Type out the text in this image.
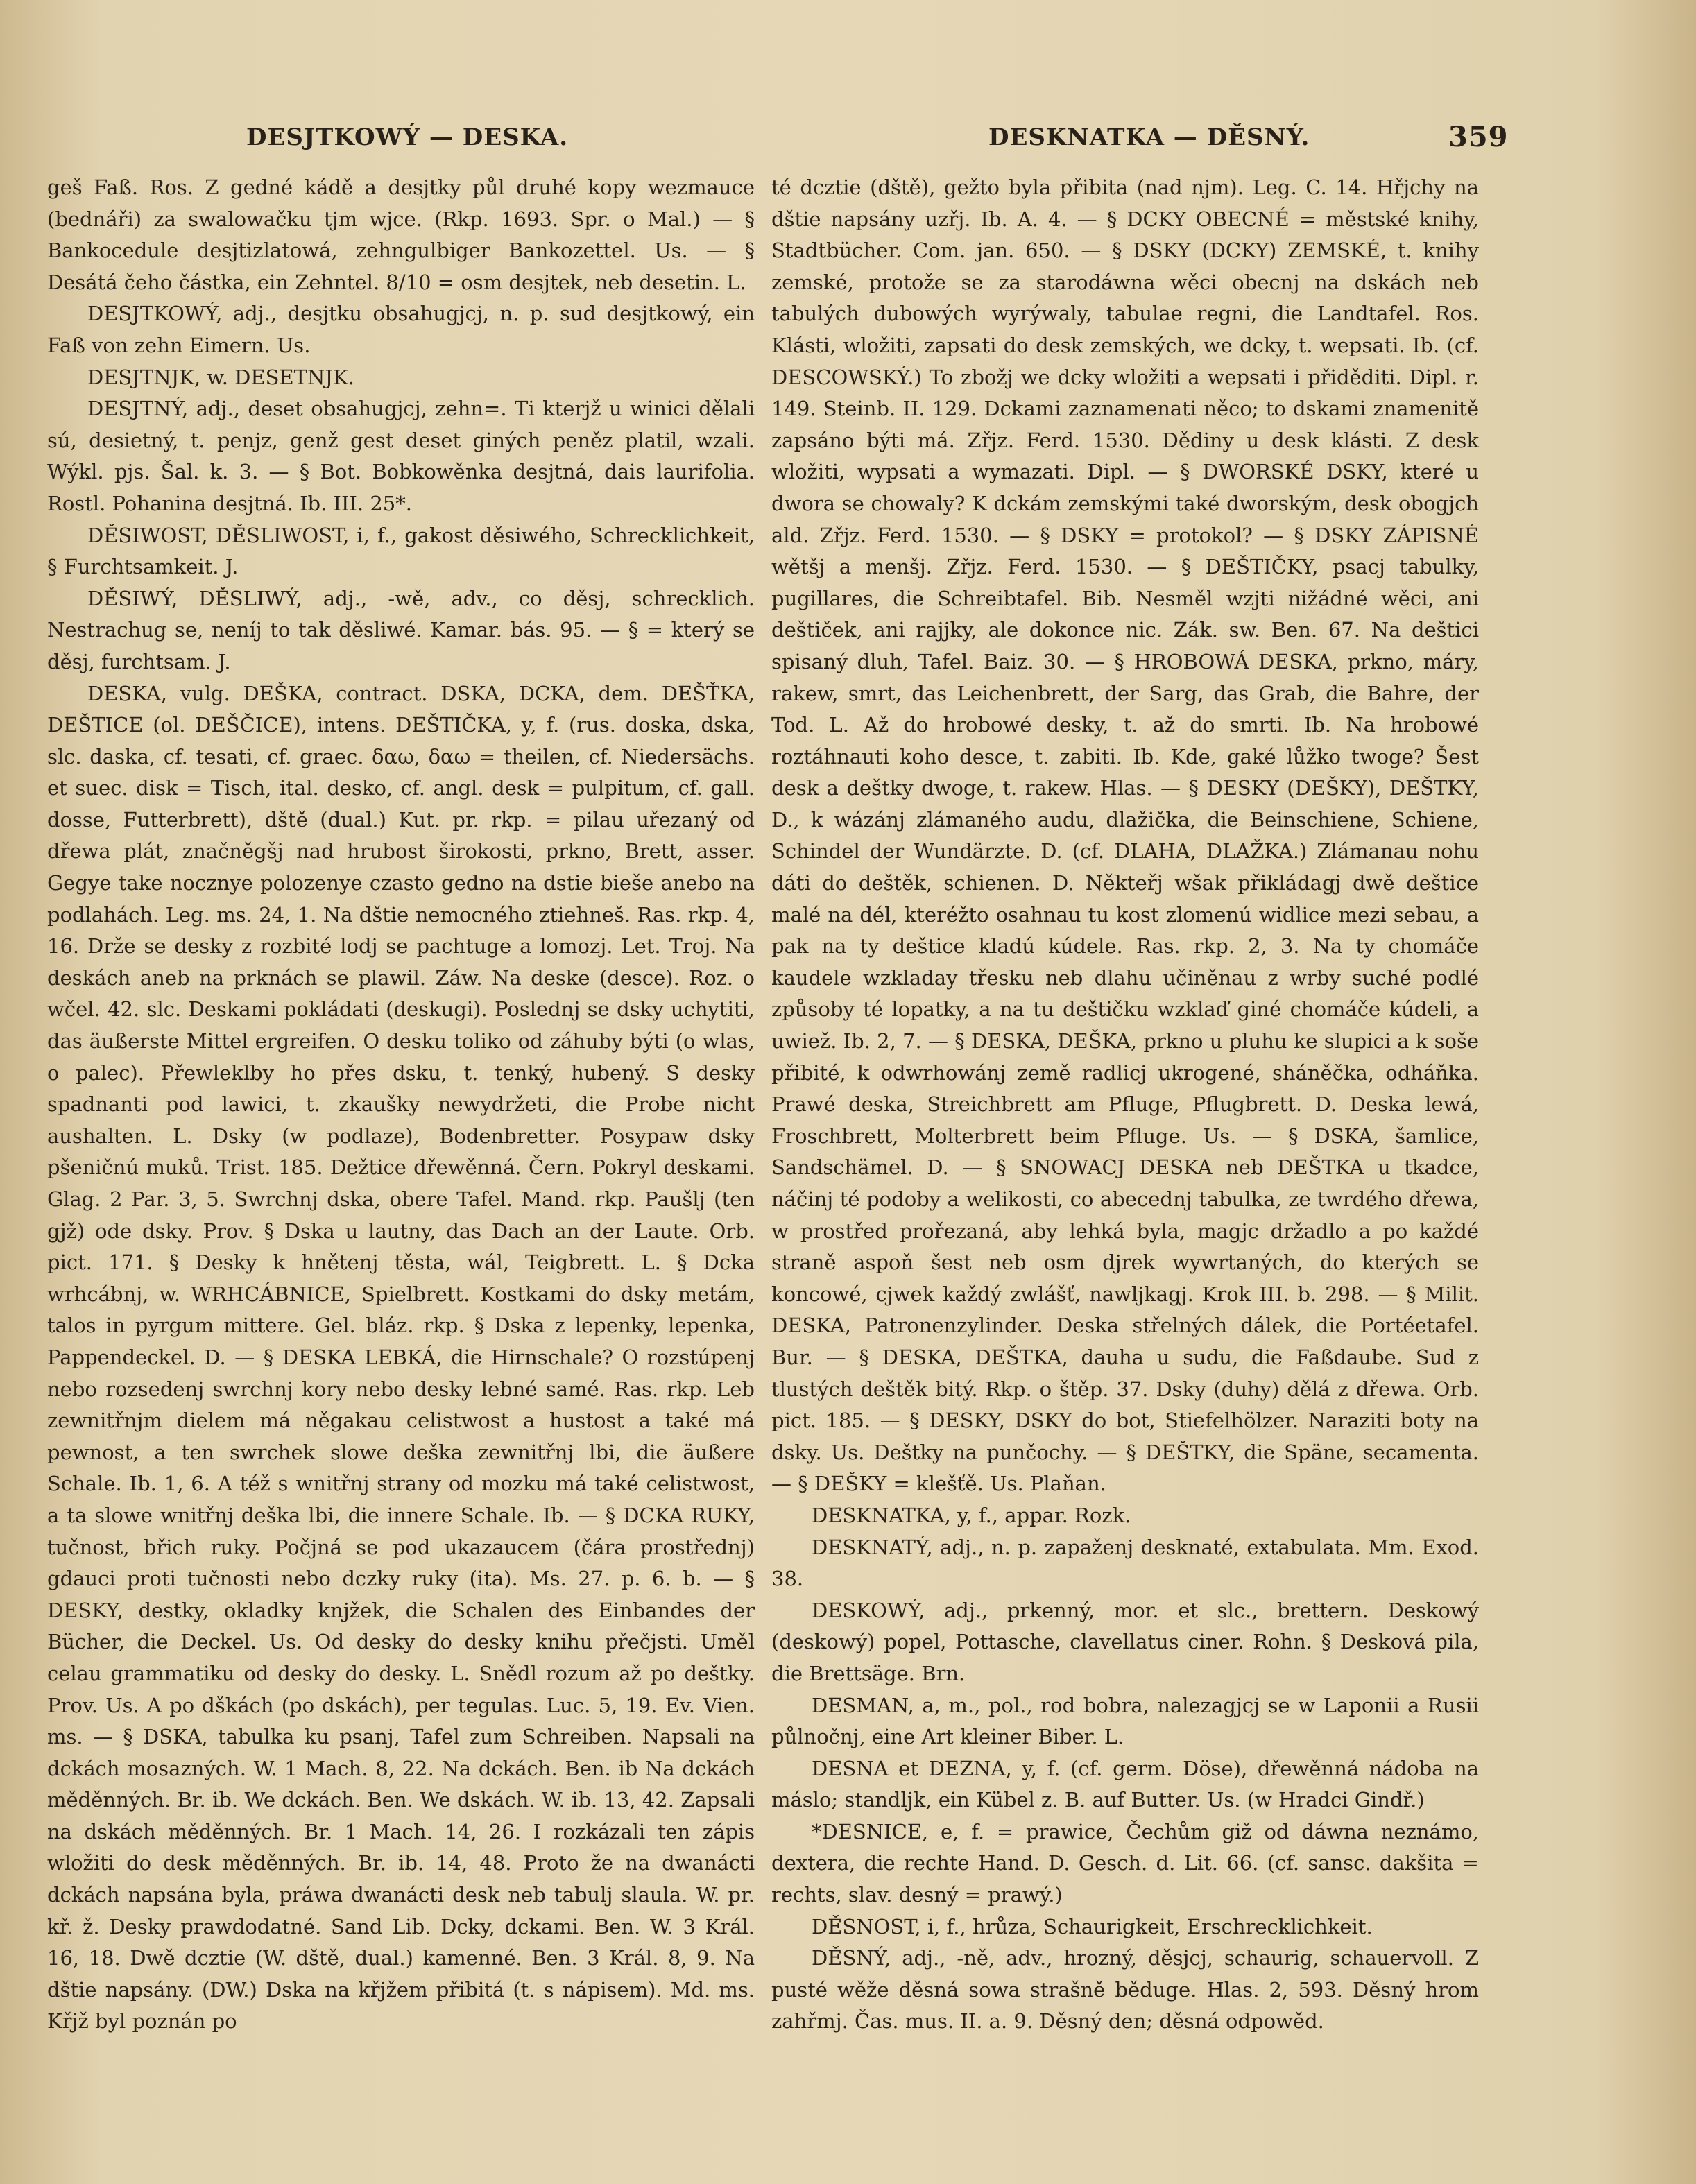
DESJTKOWÝ — DESKA.	DESKNATKA — DĚSNÝ.	359

geš Faß. Ros. Z gedné kádě a desjtky půl druhé kopy wezmauce (bednáři) za swalowačku tjm wjce. (Rkp. 1693. Spr. o Mal.) — § Bankocedule desjtizlatowá, zehngulbiger Bankozettel. Us. — § Desátá čeho částka, ein Zehntel. 8/10 = osm desjtek, neb desetin. L.

DESJTKOWÝ, adj., desjtku obsahugjcj, n. p. sud desjtkowý, ein Faß von zehn Eimern. Us.

DESJTNJK, w. DESETNJK.

DESJTNÝ, adj., deset obsahugjcj, zehn=. Ti kterjž u winici dělali sú, desietný, t. penjz, genž gest deset giných peněz platil, wzali. Wýkl. pjs. Šal. k. 3. — § Bot. Bobkowěnka desjtná, dais laurifolia. Rostl. Pohanina desjtná. Ib. III. 25*.

DĚSIWOST, DĚSLIWOST, i, f., gakost děsiwého, Schrecklichkeit, § Furchtsamkeit. J.

DĚSIWÝ, DĚSLIWÝ, adj., -wě, adv., co děsj, schrecklich. Nestrachug se, neníj to tak děsliwé. Kamar. bás. 95. — § = který se děsj, furchtsam. J.

DESKA, vulg. DEŠKA, contract. DSKA, DCKA, dem. DEŠŤKA, DEŠTICE (ol. DEŠČICE), intens. DEŠTIČKA, y, f. (rus. doska, dska, slc. daska, cf. tesati, cf. graec. δαω, δαω = theilen, cf. Niedersächs. et suec. disk = Tisch, ital. desko, cf. angl. desk = pulpitum, cf. gall. dosse, Futterbrett), dště (dual.) Kut. pr. rkp. = pilau uřezaný od dřewa plát, značněgšj nad hrubost širokosti, prkno, Brett, asser. Gegye take nocznye polozenye czasto gedno na dstie bieše anebo na podlahách. Leg. ms. 24, 1. Na dštie nemocného ztiehneš. Ras. rkp. 4, 16. Drže se desky z rozbité lodj se pachtuge a lomozj. Let. Troj. Na deskách aneb na prknách se plawil. Záw. Na deske (desce). Roz. o wčel. 42. slc. Deskami pokládati (deskugi). Poslednj se dsky uchytiti, das äußerste Mittel ergreifen. O desku toliko od záhuby býti (o wlas, o palec). Přewleklby ho přes dsku, t. tenký, hubený. S desky spadnanti pod lawici, t. zkaušky newydržeti, die Probe nicht aushalten. L. Dsky (w podlaze), Bodenbretter. Posypaw dsky pšeničnú muků. Trist. 185. Dežtice dřewěnná. Čern. Pokryl deskami. Glag. 2 Par. 3, 5. Swrchnj dska, obere Tafel. Mand. rkp. Paušlj (ten gjž) ode dsky. Prov. § Dska u lautny, das Dach an der Laute. Orb. pict. 171. § Desky k hnětenj těsta, wál, Teigbrett. L. § Dcka wrhcábnj, w. WRHCÁBNICE, Spielbrett. Kostkami do dsky metám, talos in pyrgum mittere. Gel. bláz. rkp. § Dska z lepenky, lepenka, Pappendeckel. D. — § DESKA LEBKÁ, die Hirnschale? O rozstúpenj nebo rozsedenj swrchnj kory nebo desky lebné samé. Ras. rkp. Leb zewnitřnjm dielem má něgakau celistwost a hustost a také má pewnost, a ten swrchek slowe deška zewnitřnj lbi, die äußere Schale. Ib. 1, 6. A též s wnitřnj strany od mozku má také celistwost, a ta slowe wnitřnj deška lbi, die innere Schale. Ib. — § DCKA RUKY, tučnost, břich ruky. Počjná se pod ukazaucem (čára prostřednj) gdauci proti tučnosti nebo dczky ruky (ita). Ms. 27. p. 6. b. — § DESKY, destky, okladky knjžek, die Schalen des Einbandes der Bücher, die Deckel. Us. Od desky do desky knihu přečjsti. Uměl celau grammatiku od desky do desky. L. Snědl rozum až po deštky. Prov. Us. A po dškách (po dskách), per tegulas. Luc. 5, 19. Ev. Vien. ms. — § DSKA, tabulka ku psanj, Tafel zum Schreiben. Napsali na dckách mosazných. W. 1 Mach. 8, 22. Na dckách. Ben. ib Na dckách měděnných. Br. ib. We dckách. Ben. We dskách. W. ib. 13, 42. Zapsali na dskách měděnných. Br. 1 Mach. 14, 26. I rozkázali ten zápis wložiti do desk měděnných. Br. ib. 14, 48. Proto že na dwanácti dckách napsána byla, práwa dwanácti desk neb tabulj slaula. W. pr. kř. ž. Desky prawdodatné. Sand Lib. Dcky, dckami. Ben. W. 3 Král. 16, 18. Dwě dcztie (W. dště, dual.) kamenné. Ben. 3 Král. 8, 9. Na dštie napsány. (DW.) Dska na křjžem přibitá (t. s nápisem). Md. ms. Křjž byl poznán po

té dcztie (dště), gežto byla přibita (nad njm). Leg. C. 14. Hřjchy na dštie napsány uzřj. Ib. A. 4. — § DCKY OBECNÉ = městské knihy, Stadtbücher. Com. jan. 650. — § DSKY (DCKY) ZEMSKÉ, t. knihy zemské, protože se za starodáwna wěci obecnj na dskách neb tabulých dubowých wyrýwaly, tabulae regni, die Landtafel. Ros. Klásti, wložiti, zapsati do desk zemských, we dcky, t. wepsati. Ib. (cf. DESCOWSKÝ.) To zbožj we dcky wložiti a wepsati i přiděditi. Dipl. r. 149. Steinb. II. 129. Dckami zaznamenati něco; to dskami znamenitě zapsáno býti má. Zřjz. Ferd. 1530. Dědiny u desk klásti. Z desk wložiti, wypsati a wymazati. Dipl. — § DWORSKÉ DSKY, které u dwora se chowaly? K dckám zemskými také dworským, desk obogjch ald. Zřjz. Ferd. 1530. — § DSKY = protokol? — § DSKY ZÁPISNÉ wětšj a menšj. Zřjz. Ferd. 1530. — § DEŠTIČKY, psacj tabulky, pugillares, die Schreibtafel. Bib. Nesměl wzjti nižádné wěci, ani deštiček, ani rajjky, ale dokonce nic. Zák. sw. Ben. 67. Na deštici spisaný dluh, Tafel. Baiz. 30. — § HROBOWÁ DESKA, prkno, máry, rakew, smrt, das Leichenbrett, der Sarg, das Grab, die Bahre, der Tod. L. Až do hrobowé desky, t. až do smrti. Ib. Na hrobowé roztáhnauti koho desce, t. zabiti. Ib. Kde, gaké lůžko twoge? Šest desk a deštky dwoge, t. rakew. Hlas. — § DESKY (DEŠKY), DEŠTKY, D., k wázánj zlámaného audu, dlažička, die Beinschiene, Schiene, Schindel der Wundärzte. D. (cf. DLAHA, DLAŽKA.) Zlámanau nohu dáti do deštěk, schienen. D. Někteřj wšak přikládagj dwě deštice malé na dél, kteréžto osahnau tu kost zlomenú widlice mezi sebau, a pak na ty deštice kladú kúdele. Ras. rkp. 2, 3. Na ty chomáče kaudele wzkladay třesku neb dlahu učiněnau z wrby suché podlé způsoby té lopatky, a na tu deštičku wzklaď giné chomáče kúdeli, a uwiež. Ib. 2, 7. — § DESKA, DEŠKA, prkno u pluhu ke slupici a k soše přibité, k odwrhowánj země radlicj ukrogené, sháněčka, odháňka. Prawé deska, Streichbrett am Pfluge, Pflugbrett. D. Deska lewá, Froschbrett, Molterbrett beim Pfluge. Us. — § DSKA, šamlice, Sandschämel. D. — § SNOWACJ DESKA neb DEŠTKA u tkadce, náčinj té podoby a welikosti, co abecednj tabulka, ze twrdého dřewa, w prostřed prořezaná, aby lehká byla, magjc držadlo a po každé straně aspoň šest neb osm djrek wywrtaných, do kterých se koncowé, cjwek každý zwlášť, nawljkagj. Krok III. b. 298. — § Milit. DESKA, Patronenzylinder. Deska střelných dálek, die Portéetafel. Bur. — § DESKA, DEŠTKA, dauha u sudu, die Faßdaube. Sud z tlustých deštěk bitý. Rkp. o štěp. 37. Dsky (duhy) dělá z dřewa. Orb. pict. 185. — § DESKY, DSKY do bot, Stiefelhölzer. Naraziti boty na dsky. Us. Deštky na punčochy. — § DEŠTKY, die Späne, secamenta. — § DEŠKY = klešťě. Us. Plaňan.

DESKNATKA, y, f., appar. Rozk.

DESKNATÝ, adj., n. p. zapaženj desknaté, extabulata. Mm. Exod. 38.

DESKOWÝ, adj., prkenný, mor. et slc., brettern. Deskowý (deskowý) popel, Pottasche, clavellatus ciner. Rohn. § Desková pila, die Brettsäge. Brn.

DESMAN, a, m., pol., rod bobra, nalezagjcj se w Laponii a Rusii půlnočnj, eine Art kleiner Biber. L.

DESNA et DEZNA, y, f. (cf. germ. Döse), dřewěnná nádoba na máslo; standljk, ein Kübel z. B. auf Butter. Us. (w Hradci Gindř.)

*DESNICE, e, f. = prawice, Čechům giž od dáwna neznámo, dextera, die rechte Hand. D. Gesch. d. Lit. 66. (cf. sansc. dakšita = rechts, slav. desný = prawý.)

DĚSNOST, i, f., hrůza, Schaurigkeit, Erschrecklichkeit.

DĚSNÝ, adj., -ně, adv., hrozný, děsjcj, schaurig, schauervoll. Z pusté wěže děsná sowa strašně běduge. Hlas. 2, 593. Děsný hrom zahřmj. Čas. mus. II. a. 9. Děsný den; děsná odpowěd.
